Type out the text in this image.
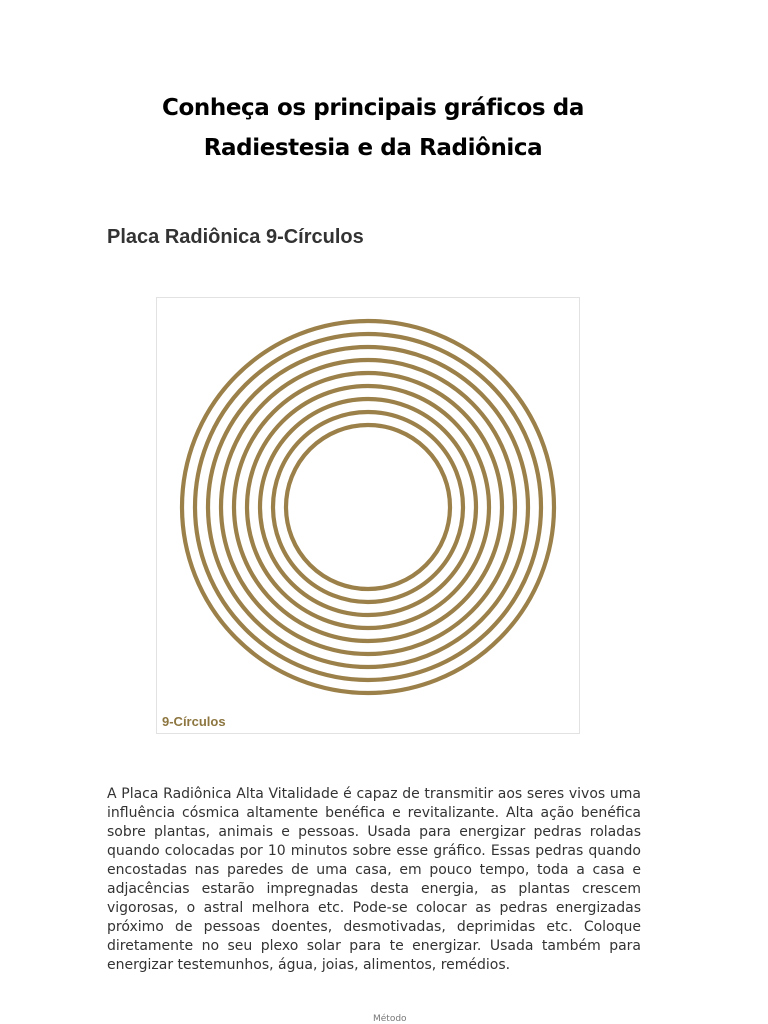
Conheça os principais gráficos da
Radiestesia e da Radiônica
Placa Radiônica 9-Círculos
9-Círculos

A Placa Radiônica Alta Vitalidade é capaz de transmitir aos seres vivos uma influência cósmica altamente benéfica e revitalizante. Alta ação benéfica sobre plantas, animais e pessoas. Usada para energizar pedras roladas quando colocadas por 10 minutos sobre esse gráfico. Essas pedras quando encostadas nas paredes de uma casa, em pouco tempo, toda a casa e adjacências estarão impregnadas desta energia, as plantas crescem vigorosas, o astral melhora etc. Pode-se colocar as pedras energizadas próximo de pessoas doentes, desmotivadas, deprimidas etc. Coloque diretamente no seu plexo solar para te energizar. Usada também para energizar testemunhos, água, joias, alimentos, remédios.

Método
